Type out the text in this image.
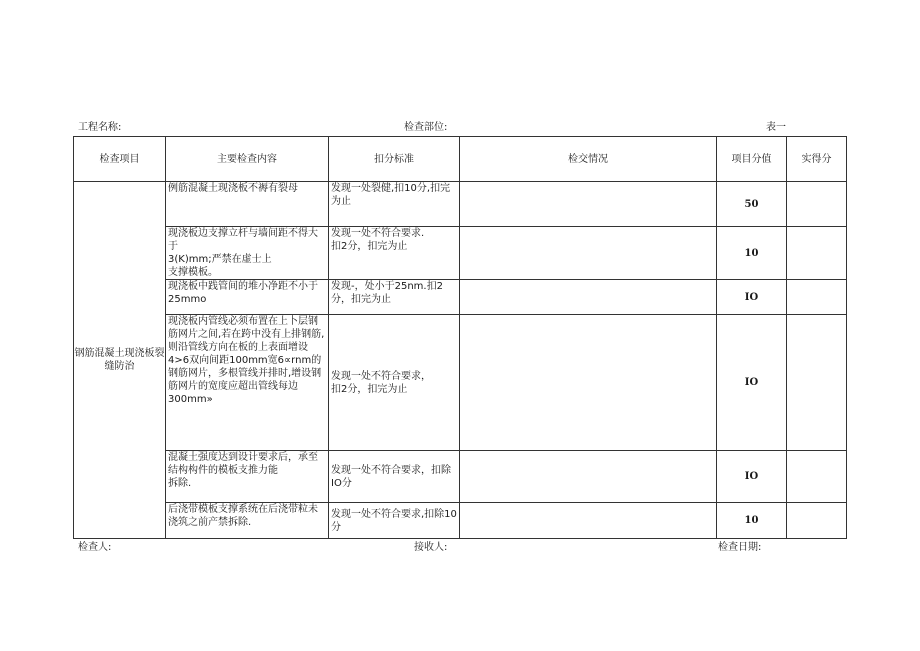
工程名称:	检查部位:	表一
检查项目	主要检查内容	扣分标准	检交情况	项目分值	实得分
钢筋混凝土现浇板裂缝防治	例筋混凝土现浇板不褥有裂母	发现一处裂健,扣10分,扣完为止		50	
	现浇板边支撑立杆与墙间距不得大于
3(K)mm;严禁在虚士上
支撑模板。	发现一处不符合要求.
扣2分，扣完为止		10	
	现浇板中践管间的堆小净距不小于
25mmo	发现-，处小于25nm.扣2
分，扣完为止		IO	
	现浇板内管线必须布置在上卜层钢筋网片之间,若在跨中没有上排钢筋,则沿管线方向在板的上表面增设4>6双向间距100mm宽6∝rnm的钢筋网片，多根管线并排时,增设钢筋网片的宽度应超出管线每边300mm»	发现一处不符合要求，
扣2分，扣完为止		IO	
	混凝土强度达到设计要求后，承至结构构件的模板支推力能
拆除.	发现一处不符合要求，扣除IO分		IO	
	后浇带模板支撑系统在后浇带粒未浇筑之前产禁拆除.	发现一处不符合要求,扣除10分		10	
检查人:	接收人:	检查日期:
